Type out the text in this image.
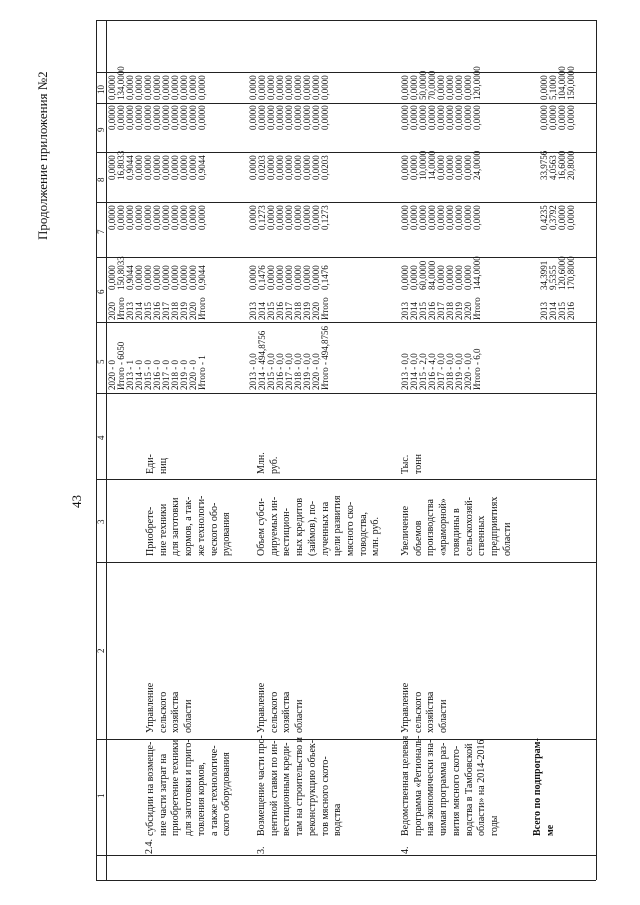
43
Продолжение приложения №2
1
2
3
4
5
6
7
8
9
10
2.4.
субсидии на возмеще-
ние части затрат на
приобретение техники
для заготовки и приго-
товления кормов,
а также технологиче-
ского оборудования
Управление
сельского
хозяйства
области
Приобрете-
ние техники
для заготовки
кормов, а так-
же технологи-
ческого обо-
рудования
Еди-
ниц
2020 - 0
Итого - 6050
2013 - 1
2014 - 0
2015 - 0
2016 - 0
2017 - 0
2018 - 0
2019 - 0
2020 - 0
Итого - 1
2020
Итого
2013
2014
2015
2016
2017
2018
2019
2020
Итого
0,0000
150,8033
0,9044
0,0000
0,0000
0,0000
0,0000
0,0000
0,0000
0,0000
0,9044
0,0000
0,0000
0,0000
0,0000
0,0000
0,0000
0,0000
0,0000
0,0000
0,0000
0,0000
0,0000
16,8033
0,9044
0,0000
0,0000
0,0000
0,0000
0,0000
0,0000
0,0000
0,9044
0,0000
0,0000
0,0000
0,0000
0,0000
0,0000
0,0000
0,0000
0,0000
0,0000
0,0000
0,0000
134,0000
0,0000
0,0000
0,0000
0,0000
0,0000
0,0000
0,0000
0,0000
0,0000
3.
Возмещение части про-
центной ставки по ин-
вестиционным креди-
там на строительство и
реконструкцию объек-
тов мясного ското-
водства
Управление
сельского
хозяйства
области
Объем субси-
дируемых ин-
вестицион-
ных кредитов
(займов), по-
лученных на
цели развития
мясного ско-
товодства,
млн. руб.
Млн.
руб.
2013 - 0,0
2014 - 494,8756
2015 - 0,0
2016 - 0,0
2017 - 0,0
2018 - 0,0
2019 - 0,0
2020 - 0,0
Итого - 494,8756
2013
2014
2015
2016
2017
2018
2019
2020
Итого
0,0000
0,1476
0,0000
0,0000
0,0000
0,0000
0,0000
0,0000
0,1476
0,0000
0,1273
0,0000
0,0000
0,0000
0,0000
0,0000
0,0000
0,1273
0,0000
0,0203
0,0000
0,0000
0,0000
0,0000
0,0000
0,0000
0,0203
0,0000
0,0000
0,0000
0,0000
0,0000
0,0000
0,0000
0,0000
0,0000
0,0000
0,0000
0,0000
0,0000
0,0000
0,0000
0,0000
0,0000
0,0000
4.
Ведомственная целевая
программа «Региональ-
ная экономически зна-
чимая программа раз-
вития мясного ското-
водства в Тамбовской
области» на 2014-2016
годы
Управление
сельского
хозяйства
области
Увеличение
объемов
производства
«мраморной»
говядины в
сельскохозяй-
ственных
предприятиях
области
Тыс.
тонн
2013 - 0,0
2014 - 0,0
2015 - 2,0
2016 - 4,0
2017 - 0,0
2018 - 0,0
2019 - 0,0
2020 - 0,0
Итого - 6,0
2013
2014
2015
2016
2017
2018
2019
2020
Итого
0,0000
0,0000
60,0000
84,0000
0,0000
0,0000
0,0000
0,0000
144,0000
0,0000
0,0000
0,0000
0,0000
0,0000
0,0000
0,0000
0,0000
0,0000
0,0000
0,0000
10,0000
14,0000
0,0000
0,0000
0,0000
0,0000
24,0000
0,0000
0,0000
0,0000
0,0000
0,0000
0,0000
0,0000
0,0000
0,0000
0,0000
0,0000
50,0000
70,0000
0,0000
0,0000
0,0000
0,0000
120,0000
Всего по подпрограм-
ме
2013
2014
2015
2016
34,3991
9,5355
120,6000
170,8000
0,4235
0,3792
0,0000
0,0000
33,9756
4,0563
16,6000
20,8000
0,0000
0,0000
0,0000
0,0000
0,0000
5,1000
104,0000
150,0000
